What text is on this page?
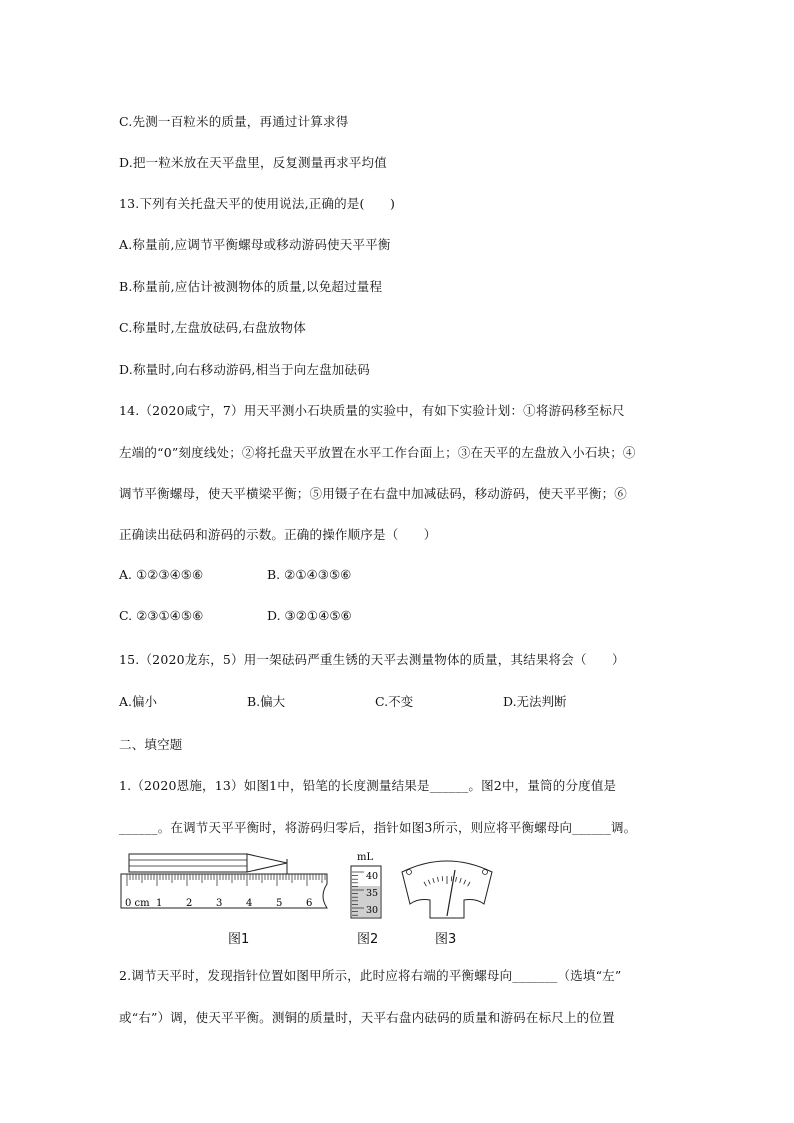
C.先测一百粒米的质量，再通过计算求得
D.把一粒米放在天平盘里，反复测量再求平均值
13.下列有关托盘天平的使用说法,正确的是(　　)
A.称量前,应调节平衡螺母或移动游码使天平平衡
B.称量前,应估计被测物体的质量,以免超过量程
C.称量时,左盘放砝码,右盘放物体
D.称量时,向右移动游码,相当于向左盘加砝码
14.（2020咸宁，7）用天平测小石块质量的实验中，有如下实验计划：①将游码移至标尺
左端的“0”刻度线处；②将托盘天平放置在水平工作台面上；③在天平的左盘放入小石块；④
调节平衡螺母，使天平横梁平衡；⑤用镊子在右盘中加减砝码，移动游码，使天平平衡；⑥
正确读出砝码和游码的示数。正确的操作顺序是（　　）
A. ①②③④⑤⑥	B. ②①④③⑤⑥
C. ②③①④⑤⑥	D. ③②①④⑤⑥
15.（2020龙东，5）用一架砝码严重生锈的天平去测量物体的质量，其结果将会（　　）
A.偏小	B.偏大	C.不变	D.无法判断
二、填空题
1.（2020恩施，13）如图1中，铅笔的长度测量结果是______。图2中，量筒的分度值是
______。在调节天平平衡时，将游码归零后，指针如图3所示，则应将平衡螺母向______调。
0 cm 1 2 3 4 5 6
图1
mL
40
35
30
图2	图3
2.调节天平时，发现指针位置如图甲所示，此时应将右端的平衡螺母向_______（选填“左”
或“右”）调，使天平平衡。测铜的质量时，天平右盘内砝码的质量和游码在标尺上的位置
